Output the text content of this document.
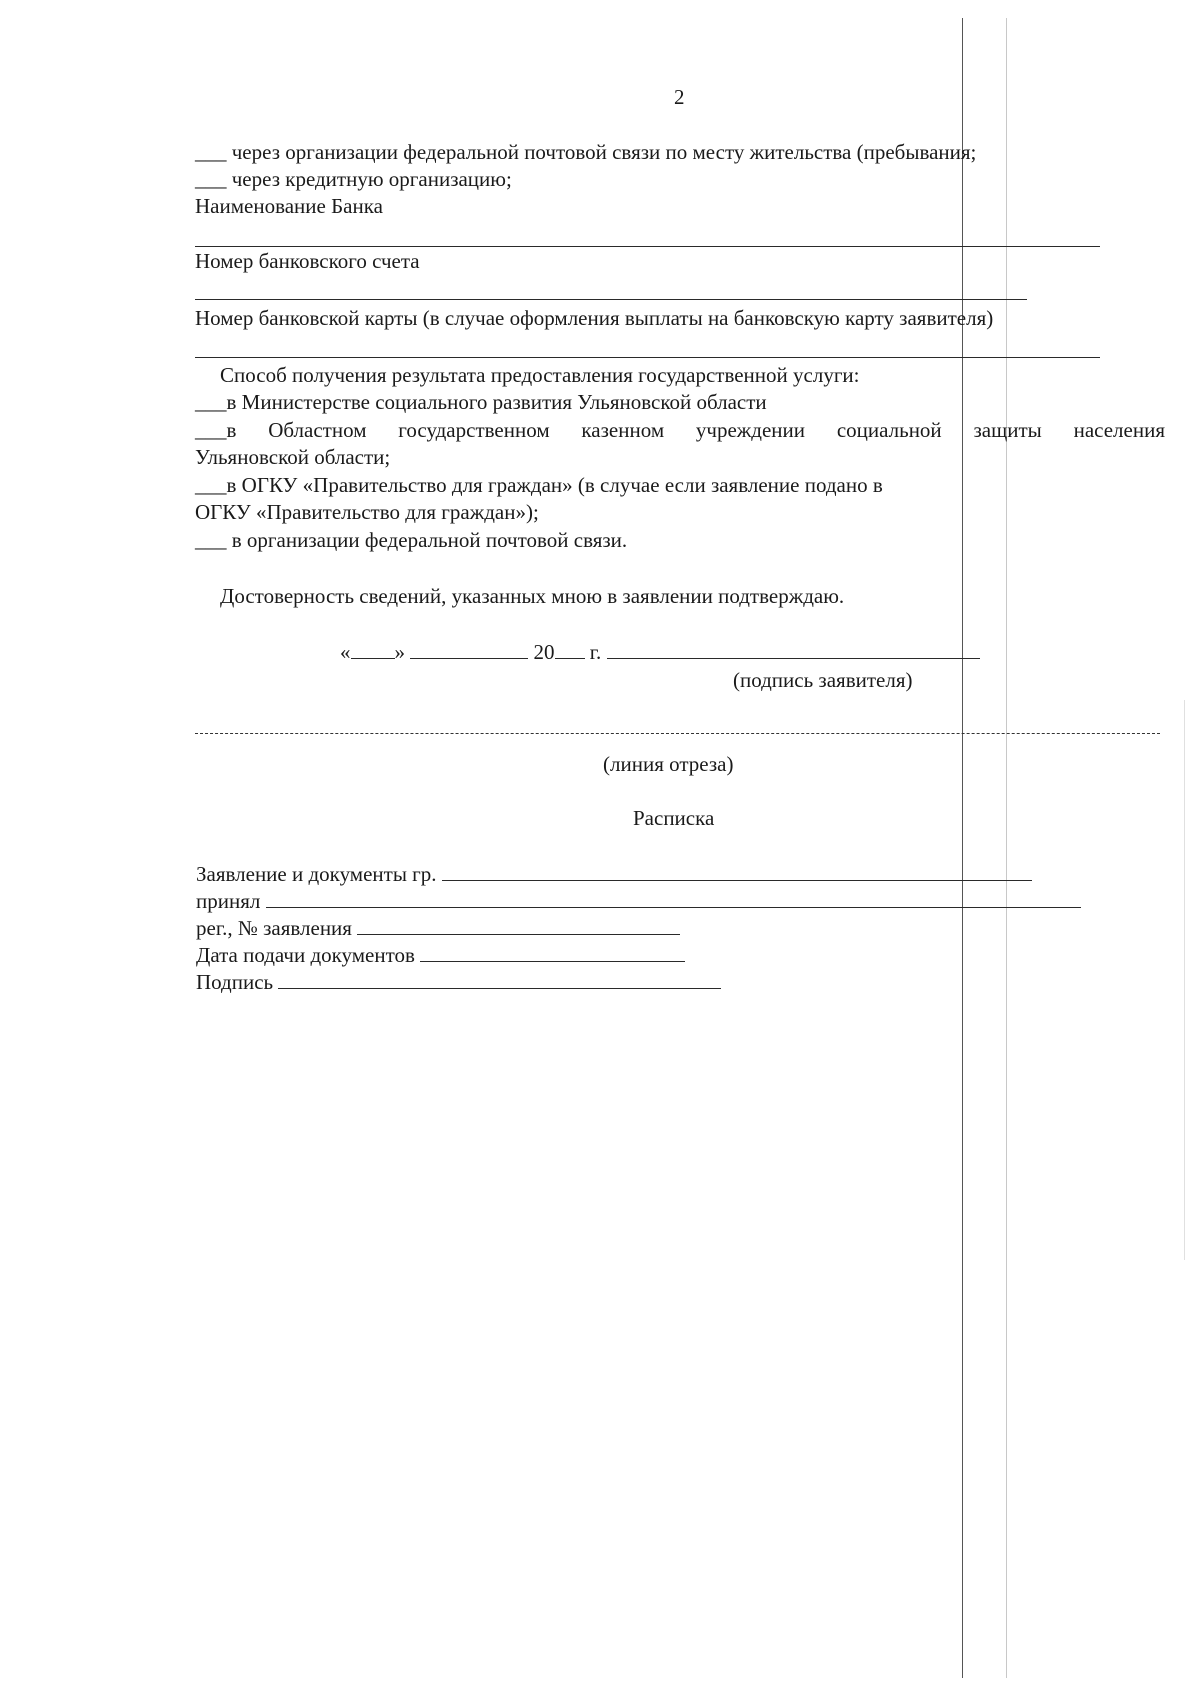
2
___ через организации федеральной почтовой связи по месту жительства (пребывания;
___ через кредитную организацию;
Наименование Банка
Номер банковского счета
Номер банковской карты (в случае оформления выплаты на банковскую карту заявителя)
Способ получения результата предоставления государственной услуги:
___в Министерстве социального развития Ульяновской области
___в Областном государственном казенном учреждении социальной защиты населения
Ульяновской области;
___в ОГКУ «Правительство для граждан» (в случае если заявление подано в
ОГКУ «Правительство для граждан»);
___ в организации федеральной почтовой связи.
Достоверность сведений, указанных мною в заявлении подтверждаю.
« »	20 г.
(подпись заявителя)
(линия отреза)
Расписка
Заявление и документы гр.
принял
рег., № заявления
Дата подачи документов
Подпись
